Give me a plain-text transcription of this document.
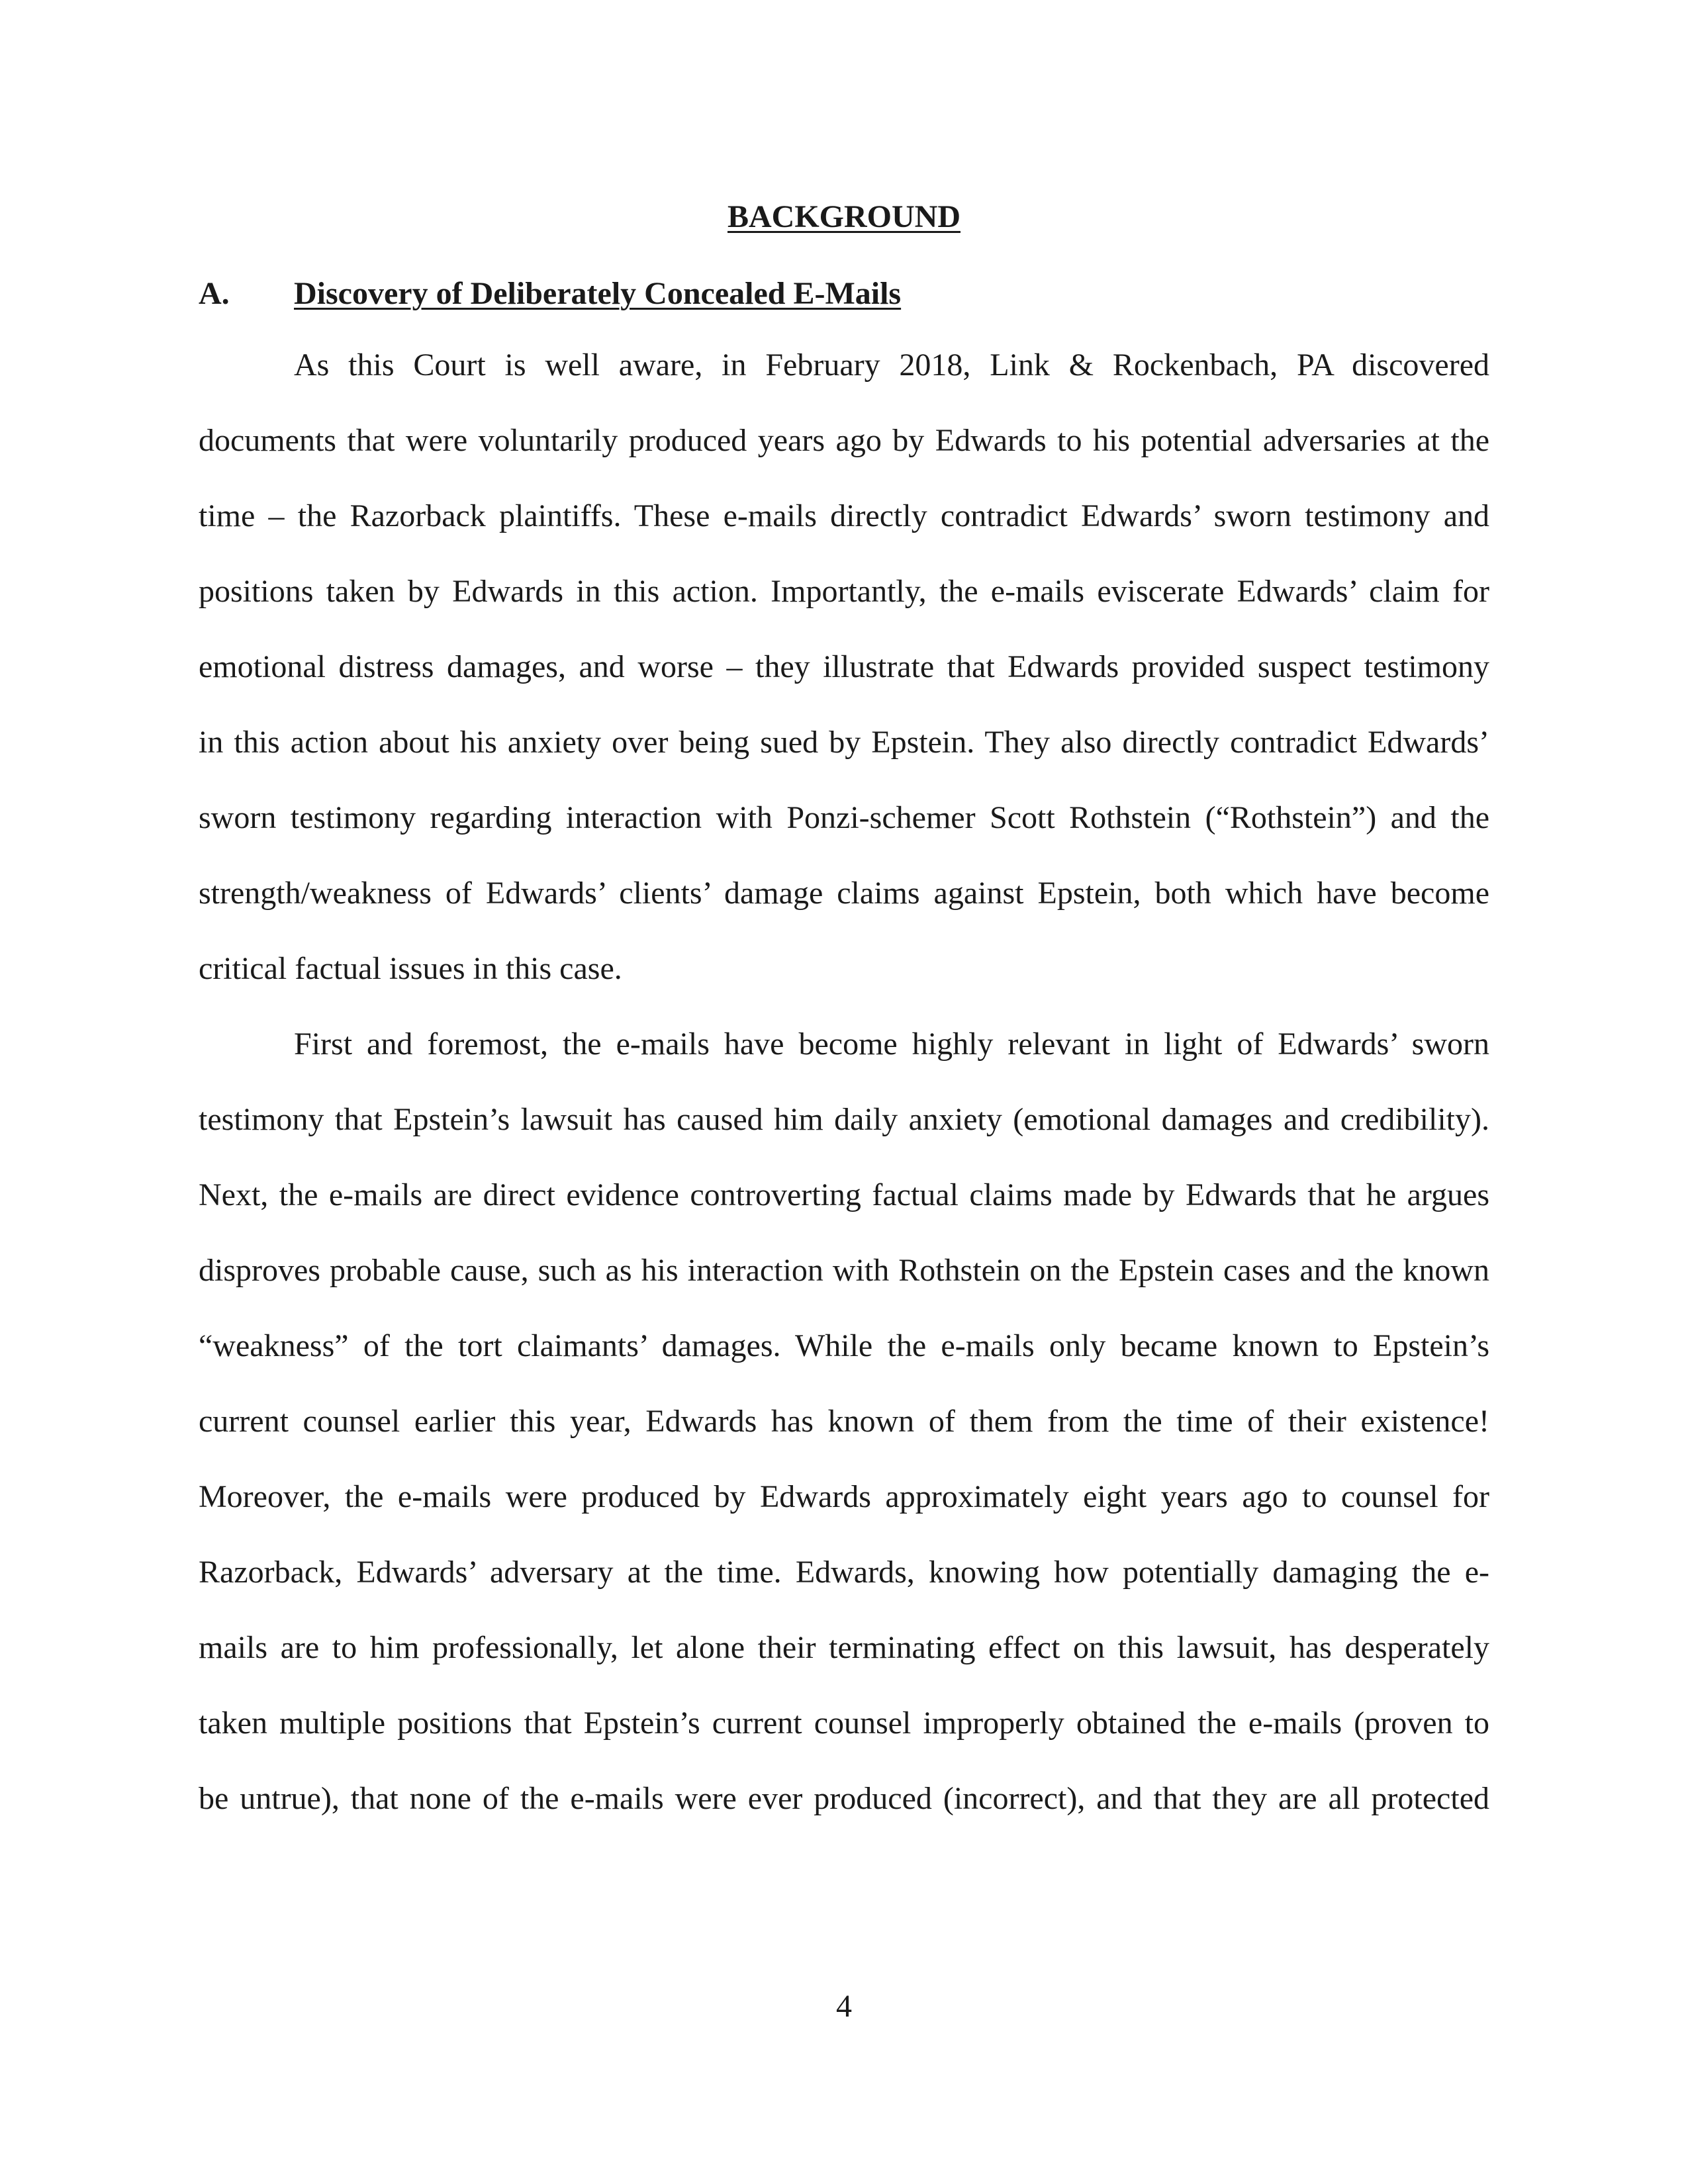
BACKGROUND
A. Discovery of Deliberately Concealed E-Mails
As this Court is well aware, in February 2018, Link & Rockenbach, PA discovered
documents that were voluntarily produced years ago by Edwards to his potential adversaries at the
time – the Razorback plaintiffs. These e-mails directly contradict Edwards’ sworn testimony and
positions taken by Edwards in this action. Importantly, the e-mails eviscerate Edwards’ claim for
emotional distress damages, and worse – they illustrate that Edwards provided suspect testimony
in this action about his anxiety over being sued by Epstein. They also directly contradict Edwards’
sworn testimony regarding interaction with Ponzi-schemer Scott Rothstein (“Rothstein”) and the
strength/weakness of Edwards’ clients’ damage claims against Epstein, both which have become
critical factual issues in this case.
First and foremost, the e-mails have become highly relevant in light of Edwards’ sworn
testimony that Epstein’s lawsuit has caused him daily anxiety (emotional damages and credibility).
Next, the e-mails are direct evidence controverting factual claims made by Edwards that he argues
disproves probable cause, such as his interaction with Rothstein on the Epstein cases and the known
“weakness” of the tort claimants’ damages. While the e-mails only became known to Epstein’s
current counsel earlier this year, Edwards has known of them from the time of their existence!
Moreover, the e-mails were produced by Edwards approximately eight years ago to counsel for
Razorback, Edwards’ adversary at the time. Edwards, knowing how potentially damaging the e-
mails are to him professionally, let alone their terminating effect on this lawsuit, has desperately
taken multiple positions that Epstein’s current counsel improperly obtained the e-mails (proven to
be untrue), that none of the e-mails were ever produced (incorrect), and that they are all protected
4
